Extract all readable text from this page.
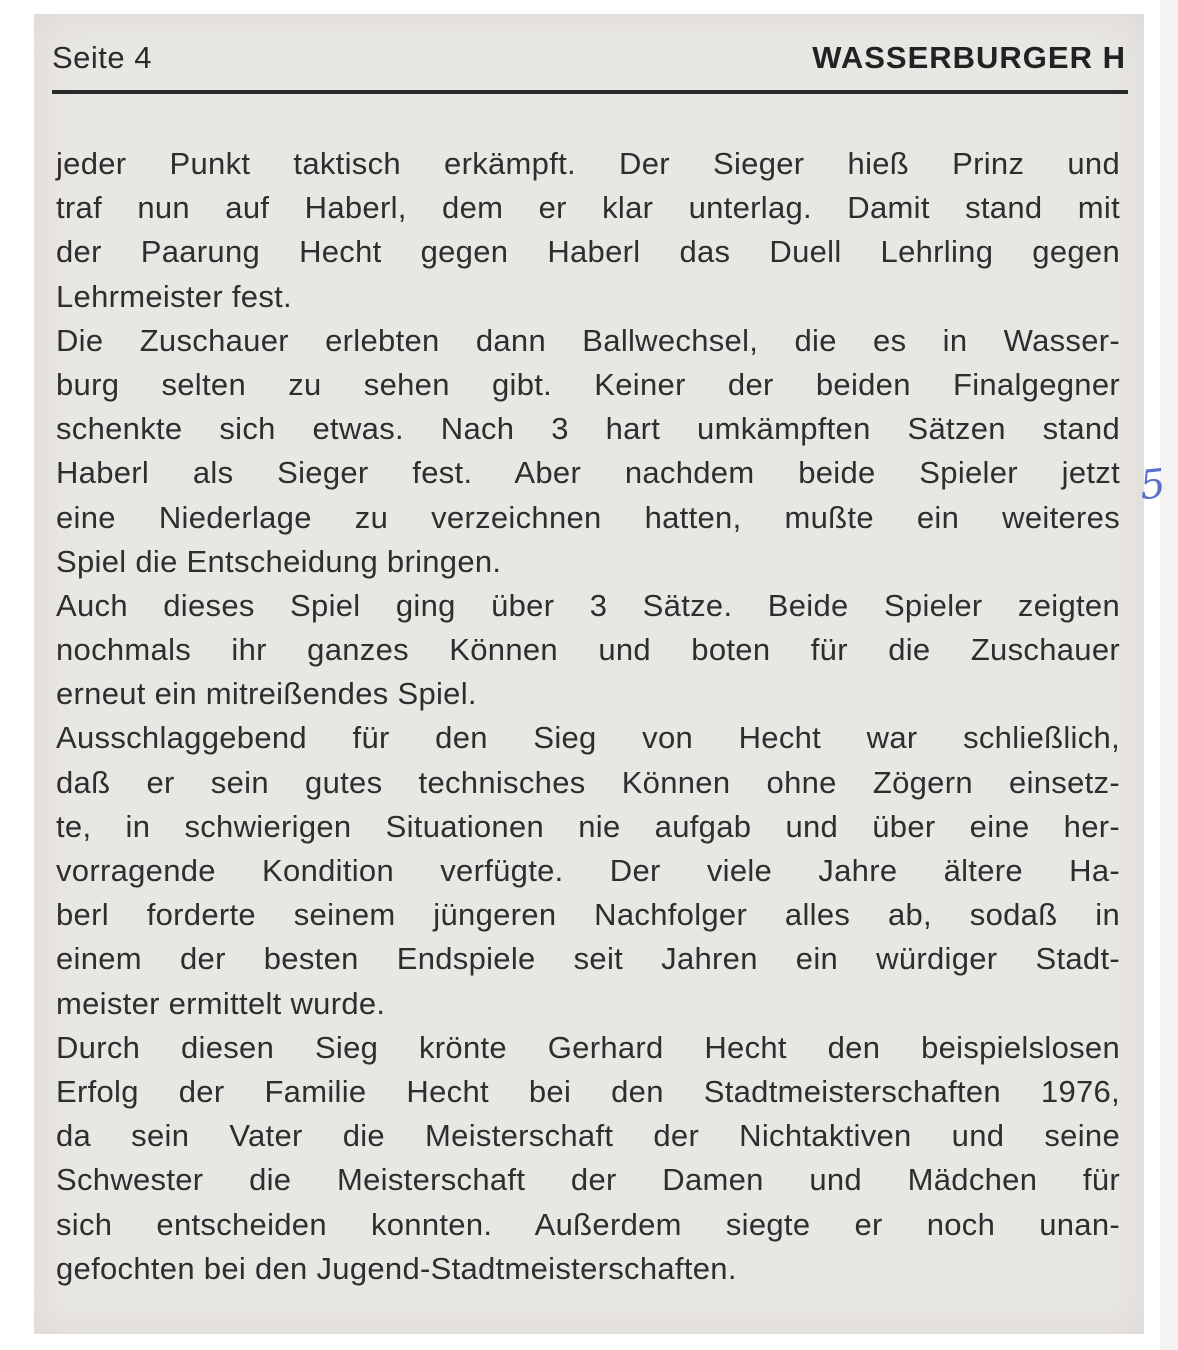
Seite 4	WASSERBURGER H
jeder Punkt taktisch erkämpft. Der Sieger hieß Prinz und
traf nun auf Haberl, dem er klar unterlag. Damit stand mit
der Paarung Hecht gegen Haberl das Duell Lehrling gegen
Lehrmeister fest.
Die Zuschauer erlebten dann Ballwechsel, die es in Wasser-
burg selten zu sehen gibt. Keiner der beiden Finalgegner
schenkte sich etwas. Nach 3 hart umkämpften Sätzen stand
Haberl als Sieger fest. Aber nachdem beide Spieler jetzt
eine Niederlage zu verzeichnen hatten, mußte ein weiteres
Spiel die Entscheidung bringen.
Auch dieses Spiel ging über 3 Sätze. Beide Spieler zeigten
nochmals ihr ganzes Können und boten für die Zuschauer
erneut ein mitreißendes Spiel.
Ausschlaggebend für den Sieg von Hecht war schließlich,
daß er sein gutes technisches Können ohne Zögern einsetz-
te, in schwierigen Situationen nie aufgab und über eine her-
vorragende Kondition verfügte. Der viele Jahre ältere Ha-
berl forderte seinem jüngeren Nachfolger alles ab, sodaß in
einem der besten Endspiele seit Jahren ein würdiger Stadt-
meister ermittelt wurde.
Durch diesen Sieg krönte Gerhard Hecht den beispielslosen
Erfolg der Familie Hecht bei den Stadtmeisterschaften 1976,
da sein Vater die Meisterschaft der Nichtaktiven und seine
Schwester die Meisterschaft der Damen und Mädchen für
sich entscheiden konnten. Außerdem siegte er noch unan-
gefochten bei den Jugend-Stadtmeisterschaften.
5
